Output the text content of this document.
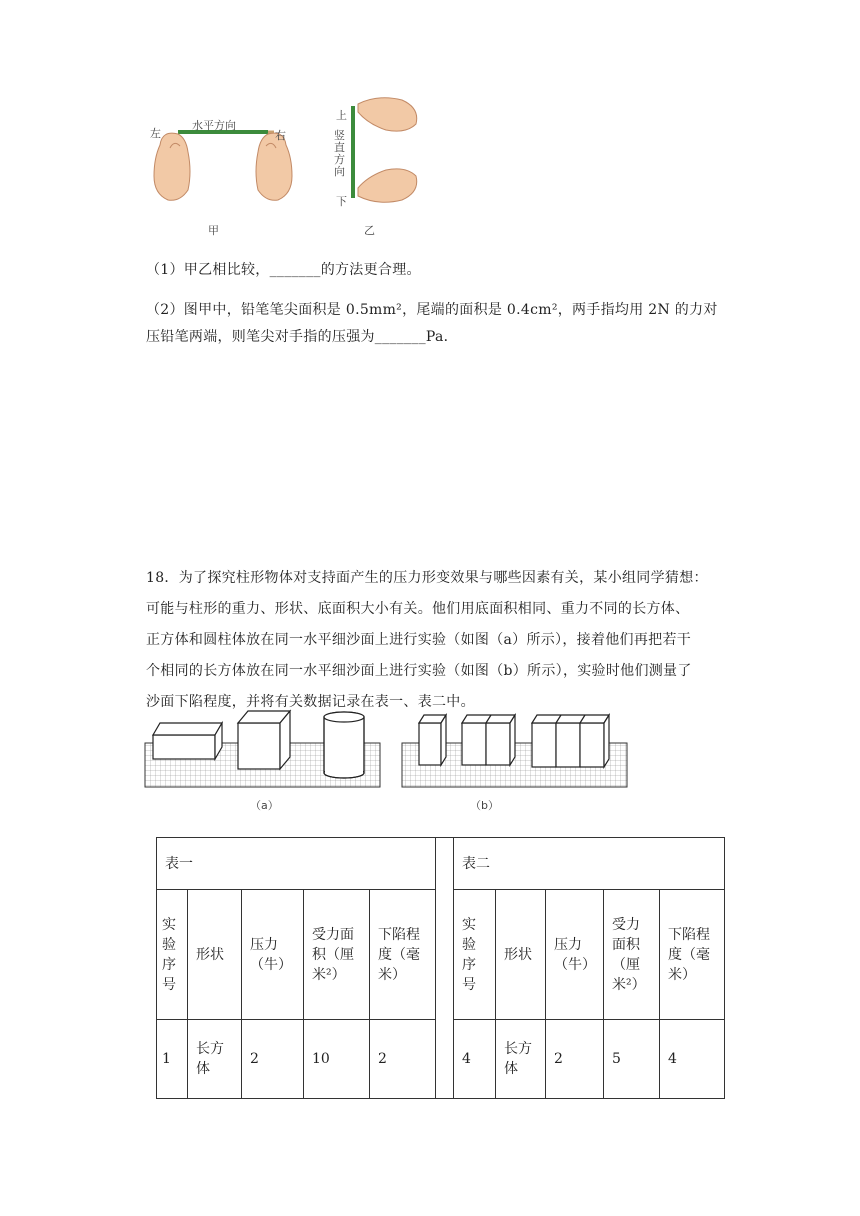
左
水平方向
右
甲
上
竖直方向
下
乙
（1）甲乙相比较，_______的方法更合理。
（2）图甲中，铅笔笔尖面积是 0.5mm²，尾端的面积是 0.4cm²，两手指均用 2N 的力对
压铅笔两端，则笔尖对手指的压强为_______Pa．
18．为了探究柱形物体对支持面产生的压力形变效果与哪些因素有关，某小组同学猜想：
可能与柱形的重力、形状、底面积大小有关。他们用底面积相同、重力不同的长方体、
正方体和圆柱体放在同一水平细沙面上进行实验（如图（a）所示），接着他们再把若干
个相同的长方体放在同一水平细沙面上进行实验（如图（b）所示），实验时他们测量了
沙面下陷程度，并将有关数据记录在表一、表二中。
（a）	（b）
表一						表二				
实验序号	形状	压力（牛）	受力面积（厘米²）	下陷程度（毫米）		实验序号	形状	压力（牛）	受力面积（厘米²）	下陷程度（毫米）
1	长方体	2	10	2		4	长方体	2	5	4
